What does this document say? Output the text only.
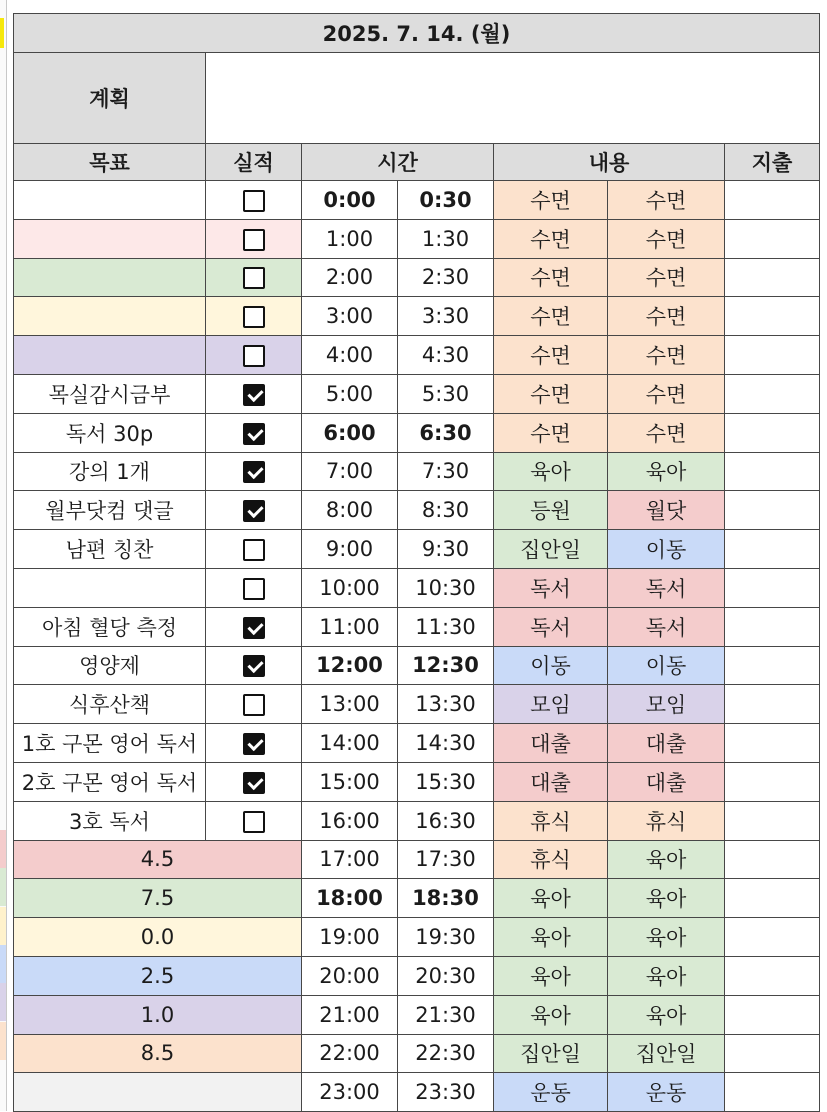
2025. 7. 14. (월)						
계획						
목표	실적	시간		내용		지출
		0:00	0:30	수면	수면	
		1:00	1:30	수면	수면	
		2:00	2:30	수면	수면	
		3:00	3:30	수면	수면	
		4:00	4:30	수면	수면	
목실감시금부		5:00	5:30	수면	수면	
독서 30p		6:00	6:30	수면	수면	
강의 1개		7:00	7:30	육아	육아	
월부닷컴 댓글		8:00	8:30	등원	월닷	
남편 칭찬		9:00	9:30	집안일	이동	
		10:00	10:30	독서	독서	
아침 혈당 측정		11:00	11:30	독서	독서	
영양제		12:00	12:30	이동	이동	
식후산책		13:00	13:30	모임	모임	
1호 구몬 영어 독서		14:00	14:30	대출	대출	
2호 구몬 영어 독서		15:00	15:30	대출	대출	
3호 독서		16:00	16:30	휴식	휴식	
4.5		17:00	17:30	휴식	육아	
7.5		18:00	18:30	육아	육아	
0.0		19:00	19:30	육아	육아	
2.5		20:00	20:30	육아	육아	
1.0		21:00	21:30	육아	육아	
8.5		22:00	22:30	집안일	집안일	
		23:00	23:30	운동	운동	
